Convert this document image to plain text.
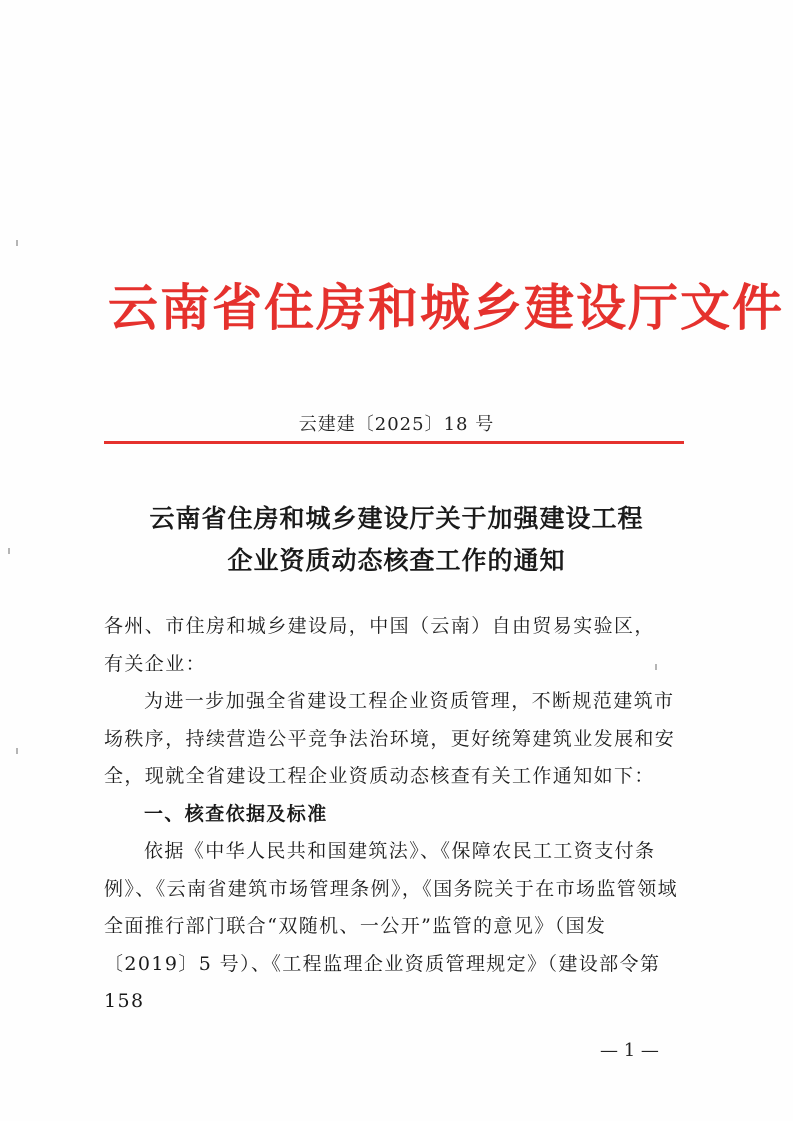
云南省住房和城乡建设厅文件
云建建〔2025〕18 号
云南省住房和城乡建设厅关于加强建设工程
企业资质动态核查工作的通知

各州、市住房和城乡建设局，中国（云南）自由贸易实验区，

有关企业：

为进一步加强全省建设工程企业资质管理，不断规范建筑市场秩序，持续营造公平竞争法治环境，更好统筹建筑业发展和安全，现就全省建设工程企业资质动态核查有关工作通知如下：

一、核查依据及标准

依据《中华人民共和国建筑法》、《保障农民工工资支付条例》、《云南省建筑市场管理条例》，《国务院关于在市场监管领域全面推行部门联合“双随机、一公开”监管的意见》（国发〔2019〕5 号）、《工程监理企业资质管理规定》（建设部令第 158

— 1 —
